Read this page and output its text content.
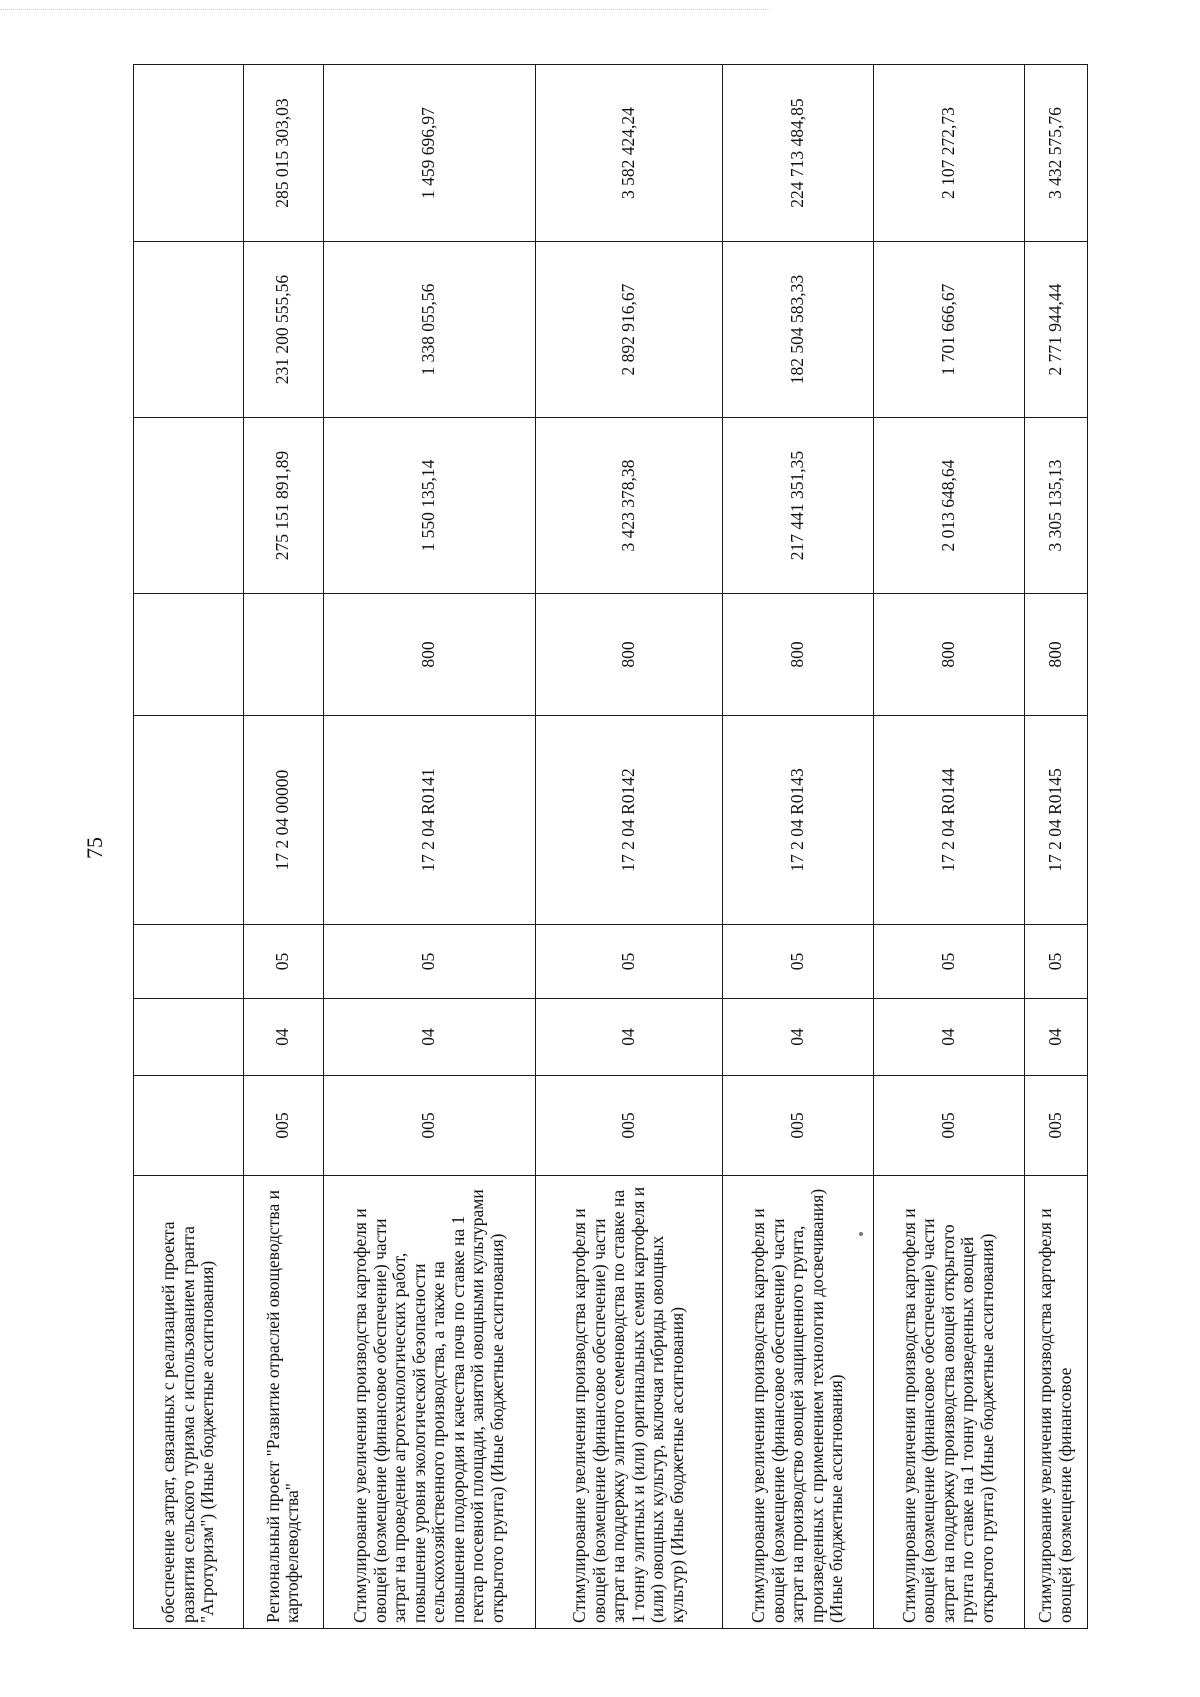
75
обеспечение затрат, связанных с реализацией проекта развития сельского туризма с использованием гранта "Агротуризм") (Иные бюджетные ассигнования)								
Региональный проект "Развитие отраслей овощеводства и картофелеводства"	005	04	05	17 2 04 00000		275 151 891,89	231 200 555,56	285 015 303,03
Стимулирование увеличения производства картофеля и овощей (возмещение (финансовое обеспечение) части затрат на проведение агротехнологических работ, повышение уровня экологической безопасности сельскохозяйственного производства, а также на повышение плодородия и качества почв по ставке на 1 гектар посевной площади, занятой овощными культурами открытого грунта) (Иные бюджетные ассигнования)	005	04	05	17 2 04 R0141	800	1 550 135,14	1 338 055,56	1 459 696,97
Стимулирование увеличения производства картофеля и овощей (возмещение (финансовое обеспечение) части затрат на поддержку элитного семеноводства по ставке на 1 тонну элитных и (или) оригинальных семян картофеля и (или) овощных культур, включая гибриды овощных культур) (Иные бюджетные ассигнования)	005	04	05	17 2 04 R0142	800	3 423 378,38	2 892 916,67	3 582 424,24
Стимулирование увеличения производства картофеля и овощей (возмещение (финансовое обеспечение) части затрат на производство овощей защищенного грунта, произведенных с применением технологии досвечивания) (Иные бюджетные ассигнования)	005	04	05	17 2 04 R0143	800	217 441 351,35	182 504 583,33	224 713 484,85
Стимулирование увеличения производства картофеля и овощей (возмещение (финансовое обеспечение) части затрат на поддержку производства овощей открытого грунта по ставке на 1 тонну произведенных овощей открытого грунта) (Иные бюджетные ассигнования)	005	04	05	17 2 04 R0144	800	2 013 648,64	1 701 666,67	2 107 272,73
Стимулирование увеличения производства картофеля и овощей (возмещение (финансовое	005	04	05	17 2 04 R0145	800	3 305 135,13	2 771 944,44	3 432 575,76
